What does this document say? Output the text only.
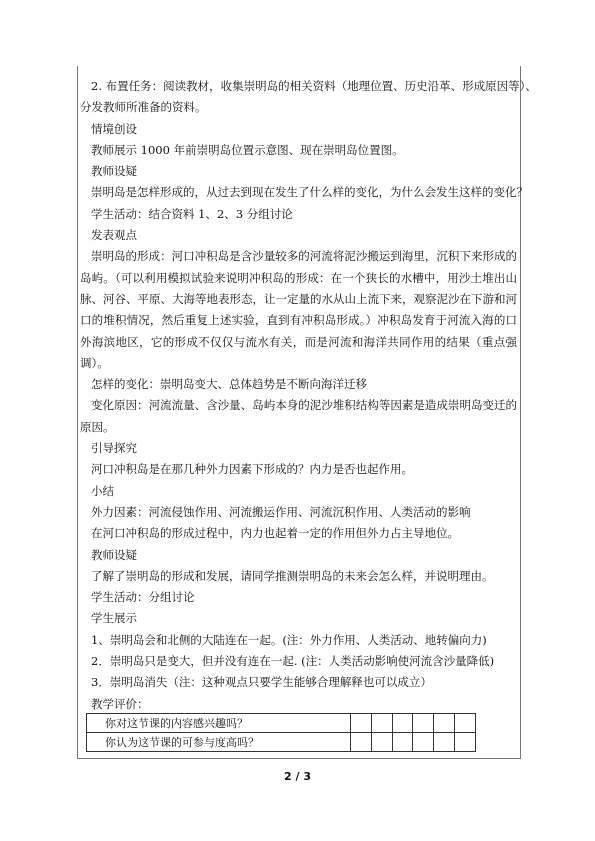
2. 布置任务：阅读教材，收集崇明岛的相关资料（地理位置、历史沿革、形成原因等）、
分发教师所准备的资料。
情境创设
教师展示 1000 年前崇明岛位置示意图、现在崇明岛位置图。
教师设疑
崇明岛是怎样形成的，从过去到现在发生了什么样的变化，为什么会发生这样的变化？
学生活动：结合资料 1、2、3 分组讨论
发表观点
崇明岛的形成：河口冲积岛是含沙量较多的河流将泥沙搬运到海里，沉积下来形成的岛屿。（可以利用模拟试验来说明冲积岛的形成：在一个狭长的水槽中，用沙土堆出山脉、河谷、平原、大海等地表形态，让一定量的水从山上流下来，观察泥沙在下游和河口的堆积情况，然后重复上述实验，直到有冲积岛形成。）冲积岛发育于河流入海的口外海滨地区，它的形成不仅仅与流水有关，而是河流和海洋共同作用的结果（重点强调）。
怎样的变化：崇明岛变大、总体趋势是不断向海洋迁移
变化原因：河流流量、含沙量、岛屿本身的泥沙堆积结构等因素是造成崇明岛变迁的原因。
引导探究
河口冲积岛是在那几种外力因素下形成的？内力是否也起作用。
小结
外力因素：河流侵蚀作用、河流搬运作用、河流沉积作用、人类活动的影响
在河口冲积岛的形成过程中，内力也起着一定的作用但外力占主导地位。
教师设疑
了解了崇明岛的形成和发展，请同学推测崇明岛的未来会怎么样，并说明理由。
学生活动：分组讨论
学生展示
1、崇明岛会和北侧的大陆连在一起。(注：外力作用、人类活动、地转偏向力)
2．崇明岛只是变大，但并没有连在一起. (注：人类活动影响使河流含沙量降低)
3．崇明岛消失（注：这种观点只要学生能够合理解释也可以成立）
教学评价：
你对这节课的内容感兴趣吗？						
你认为这节课的可参与度高吗？						
2 / 3
